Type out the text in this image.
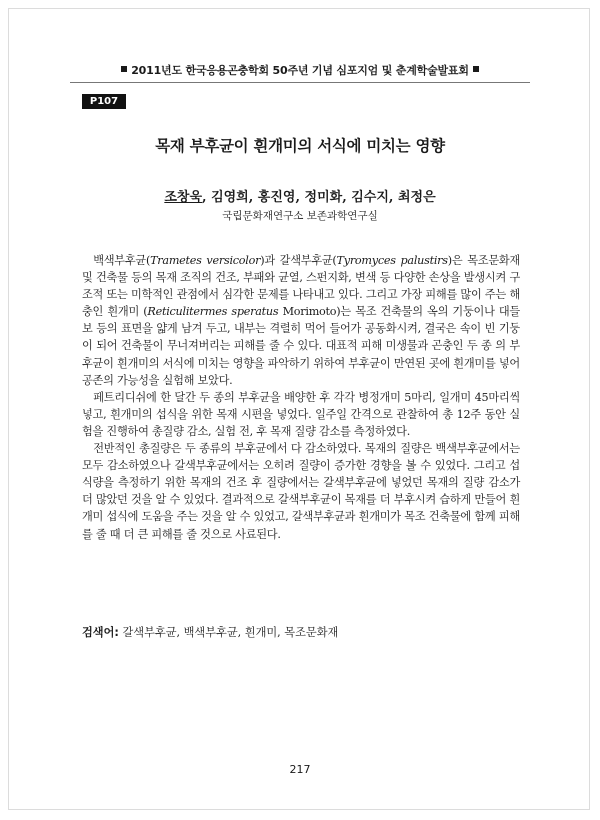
2011년도 한국응용곤충학회 50주년 기념 심포지엄 및 춘계학술발표회
P107
목재 부후균이 흰개미의 서식에 미치는 영향
조창욱, 김영희, 홍진영, 정미화, 김수지, 최정은
국립문화재연구소 보존과학연구실

백색부후균(Trametes versicolor)과 갈색부후균(Tyromyces palustirs)은 목조문화재 및 건축물 등의 목재 조직의 건조, 부패와 균열, 스펀지화, 변색 등 다양한 손상을 발생시켜 구조적 또는 미학적인 관점에서 심각한 문제를 나타내고 있다. 그리고 가장 피해를 많이 주는 해충인 흰개미 (Reticulitermes speratus Morimoto)는 목조 건축물의 옥의 기둥이나 대들보 등의 표면을 얇게 남겨 두고, 내부는 격렬히 먹어 들어가 공동화시켜, 결국은 속이 빈 기둥이 되어 건축물이 무너져버리는 피해를 줄 수 있다. 대표적 피해 미생물과 곤충인 두 종 의 부후균이 흰개미의 서식에 미치는 영향을 파악하기 위하여 부후균이 만연된 곳에 흰개미를 넣어 공존의 가능성을 실험해 보았다.

페트리디쉬에 한 달간 두 종의 부후균을 배양한 후 각각 병정개미 5마리, 일개미 45마리씩 넣고, 흰개미의 섭식을 위한 목재 시편을 넣었다. 일주일 간격으로 관찰하여 총 12주 동안 실험을 진행하여 총질량 감소, 실험 전, 후 목재 질량 감소를 측정하였다.

전반적인 총질량은 두 종류의 부후균에서 다 감소하였다. 목재의 질량은 백색부후균에서는 모두 감소하였으나 갈색부후균에서는 오히려 질량이 증가한 경향을 볼 수 있었다. 그리고 섭식량을 측정하기 위한 목재의 건조 후 질량에서는 갈색부후균에 넣었던 목재의 질량 감소가 더 많았던 것을 알 수 있었다. 결과적으로 갈색부후균이 목재를 더 부후시켜 습하게 만들어 흰개미 섭식에 도움을 주는 것을 알 수 있었고, 갈색부후균과 흰개미가 목조 건축물에 함께 피해를 줄 때 더 큰 피해를 줄 것으로 사료된다.

검색어: 갈색부후균, 백색부후균, 흰개미, 목조문화재
217
